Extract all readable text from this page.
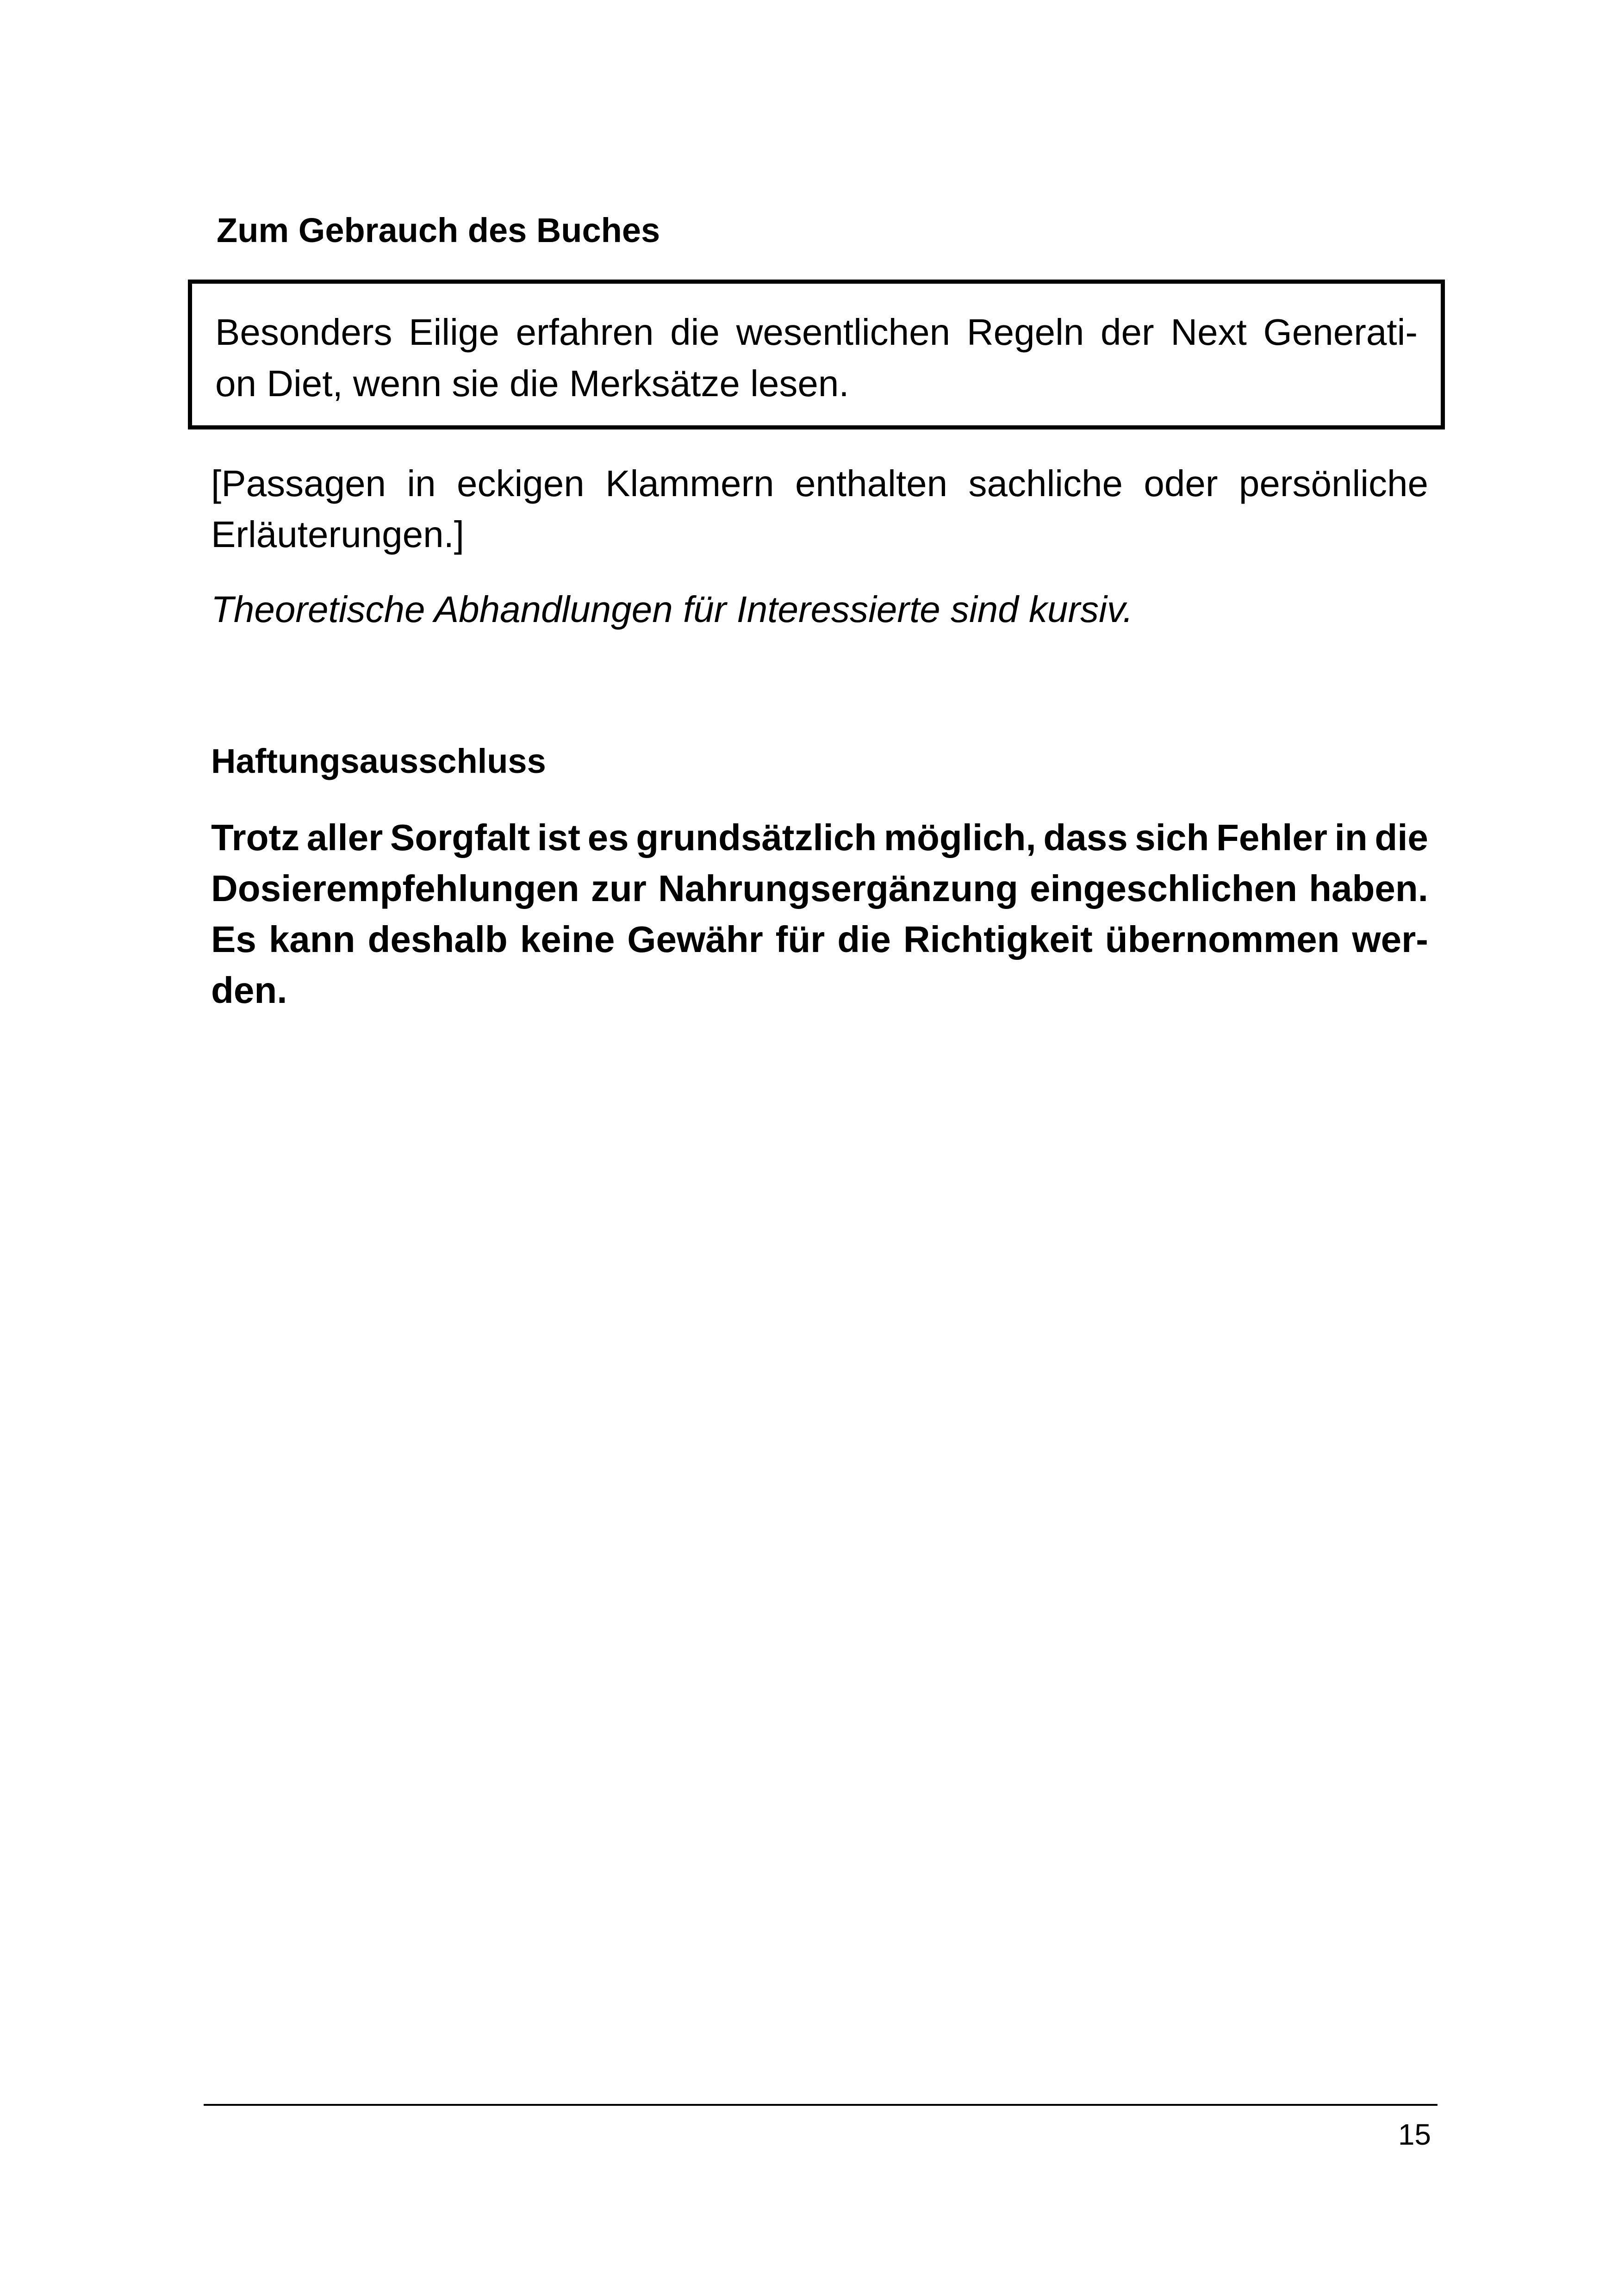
Zum Gebrauch des Buches
Besonders Eilige erfahren die wesentlichen Regeln der Next Generati-
on Diet, wenn sie die Merksätze lesen.
[Passagen in eckigen Klammern enthalten sachliche oder persönliche
Erläuterungen.]
Theoretische Abhandlungen für Interessierte sind kursiv.
Haftungsausschluss
Trotz aller Sorgfalt ist es grundsätzlich möglich, dass sich Fehler in die
Dosierempfehlungen zur Nahrungsergänzung eingeschlichen haben.
Es kann deshalb keine Gewähr für die Richtigkeit übernommen wer-
den.
15
